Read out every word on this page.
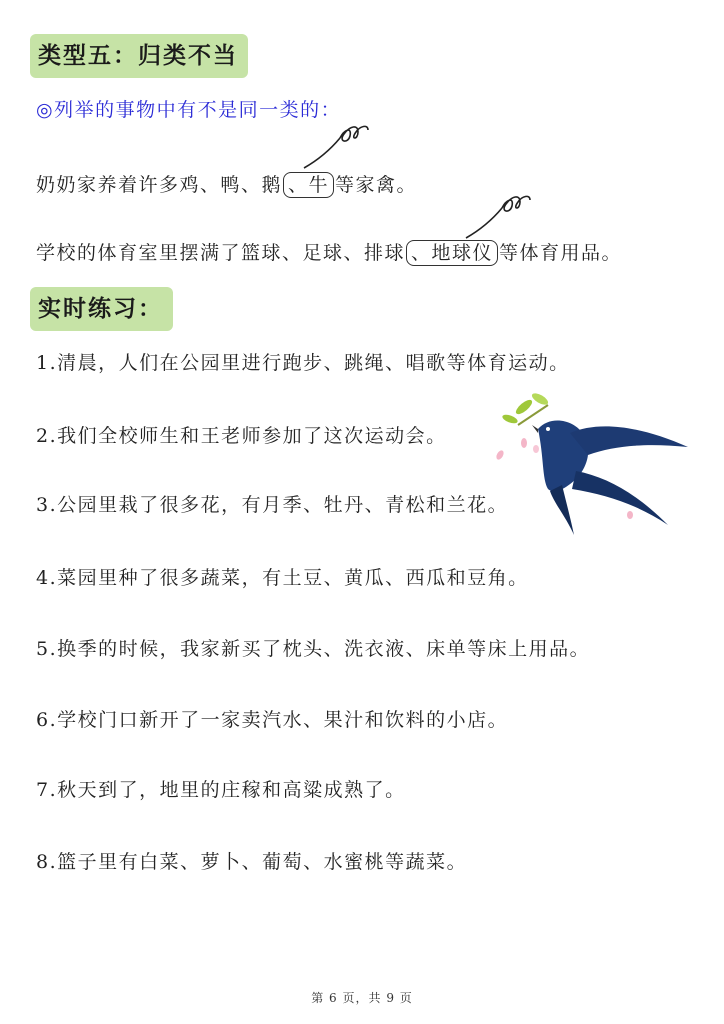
类型五：归类不当
◎列举的事物中有不是同一类的：
奶奶家养着许多鸡、鸭、鹅 、牛 等家禽。
学校的体育室里摆满了篮球、足球、排球 、地球仪 等体育用品。
实时练习：
1.清晨，人们在公园里进行跑步、跳绳、唱歌等体育运动。
2.我们全校师生和王老师参加了这次运动会。
3.公园里栽了很多花，有月季、牡丹、青松和兰花。
4.菜园里种了很多蔬菜，有土豆、黄瓜、西瓜和豆角。
5.换季的时候，我家新买了枕头、洗衣液、床单等床上用品。
6.学校门口新开了一家卖汽水、果汁和饮料的小店。
7.秋天到了，地里的庄稼和高粱成熟了。
8.篮子里有白菜、萝卜、葡萄、水蜜桃等蔬菜。
第 6 页，共 9 页
